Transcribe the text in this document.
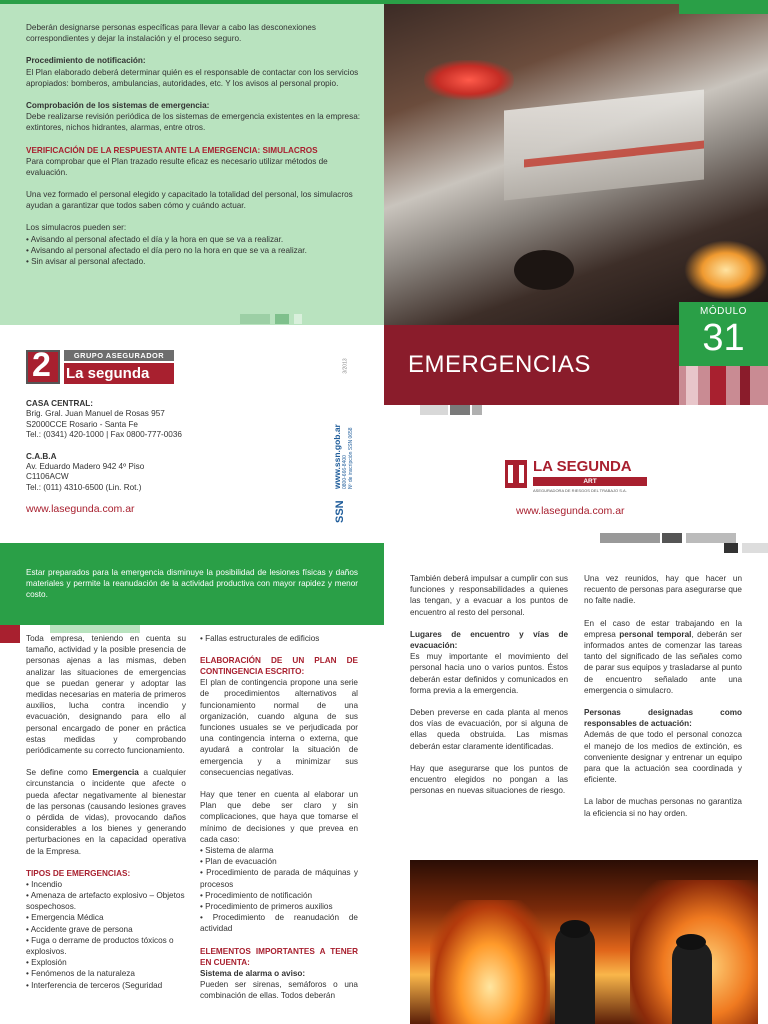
Deberán designarse personas específicas para llevar a cabo las desconexiones correspondientes y dejar la instalación y el proceso seguro.

Procedimiento de notificación:

El Plan elaborado deberá determinar quién es el responsable de contactar con los servicios apropiados: bomberos, ambulancias, autoridades, etc. Y los avisos al personal propio.

Comprobación de los sistemas de emergencia:

Debe realizarse revisión periódica de los sistemas de emergencia existentes en la empresa: extintores, nichos hidrantes, alarmas, entre otros.

VERIFICACIÓN DE LA RESPUESTA ANTE LA EMERGENCIA: SIMULACROS

Para comprobar que el Plan trazado resulte eficaz es necesario utilizar métodos de evaluación.

Una vez formado el personal elegido y capacitado la totalidad del personal, los simulacros ayudan a garantizar que todos saben cómo y cuándo actuar.

Los simulacros pueden ser:

• Avisando al personal afectado el día y la hora en que se va a realizar.
• Avisando al personal afectado el día pero no la hora en que se va a realizar.
• Sin avisar al personal afectado.
2	GRUPO ASEGURADOR
La segunda

CASA CENTRAL:

Brig. Gral. Juan Manuel de Rosas 957

S2000CCE Rosario - Santa Fe

Tel.: (0341) 420-1000 | Fax 0800-777-0036

C.A.B.A

Av. Eduardo Madero 942 4º Piso

C1106ACW

Tel.: (011) 4310-6500 (Lin. Rot.)

www.lasegunda.com.ar	SSN
www.ssn.gob.ar 0800-666-8400 Nº de inscripción SSN 0658
3/2013 EMERGENCIAS
MÓDULO
31
LA SEGUNDA
ART
ASEGURADORA DE RIESGOS DEL TRABAJO S.A.
www.lasegunda.com.ar

Estar preparados para la emergencia disminuye la posibilidad de lesiones físicas y daños materiales y permite la reanudación de la actividad productiva con mayor rapidez y menor costo.

Toda empresa, teniendo en cuenta su tamaño, actividad y la posible presencia de personas ajenas a las mismas, deben analizar las situaciones de emergencias que se puedan generar y adoptar las medidas necesarias en materia de primeros auxilios, lucha contra incendio y evacuación, designando para ello al personal encargado de poner en práctica estas medidas y comprobando periódicamente su correcto funcionamiento.

Se define como Emergencia a cualquier circunstancia o incidente que afecte o pueda afectar negativamente al bienestar de las personas (causando lesiones graves o pérdida de vidas), provocando daños considerables a los bienes y generando perturbaciones en la capacidad operativa de la Empresa.

TIPOS DE EMERGENCIAS:

• Incendio
• Amenaza de artefacto explosivo – Objetos sospechosos.
• Emergencia Médica
• Accidente grave de persona
• Fuga o derrame de productos tóxicos o explosivos.
• Explosión
• Fenómenos de la naturaleza
• Interferencia de terceros (Seguridad
• Fallas estructurales de edificios

ELABORACIÓN DE UN PLAN DE CONTINGENCIA ESCRITO:

El plan de contingencia propone una serie de procedimientos alternativos al funcionamiento normal de una organización, cuando alguna de sus funciones usuales se ve perjudicada por una contingencia interna o externa, que ayudará a controlar la situación de emergencia y a minimizar sus consecuencias negativas.

Hay que tener en cuenta al elaborar un Plan que debe ser claro y sin complicaciones, que haya que tomarse el mínimo de decisiones y que prevea en cada caso:

• Sistema de alarma
• Plan de evacuación
• Procedimiento de parada de máquinas y procesos
• Procedimiento de notificación
• Procedimiento de primeros auxilios
• Procedimiento de reanudación de actividad

ELEMENTOS IMPORTANTES A TENER EN CUENTA:

Sistema de alarma o aviso:

Pueden ser sirenas, semáforos o una combinación de ellas. Todos deberán

También deberá impulsar a cumplir con sus funciones y responsabilidades a quienes las tengan, y a evacuar a los puntos de encuentro al resto del personal.

Lugares de encuentro y vías de evacuación:

Es muy importante el movimiento del personal hacia uno o varios puntos. Éstos deberán estar definidos y comunicados en forma previa a la emergencia.

Deben preverse en cada planta al menos dos vías de evacuación, por si alguna de ellas queda obstruida. Las mismas deberán estar claramente identificadas.

Hay que asegurarse que los puntos de encuentro elegidos no pongan a las personas en nuevas situaciones de riesgo.

Una vez reunidos, hay que hacer un recuento de personas para asegurarse que no falte nadie.

En el caso de estar trabajando en la empresa personal temporal, deberán ser informados antes de comenzar las tareas tanto del significado de las señales como de parar sus equipos y trasladarse al punto de encuentro señalado ante una emergencia o simulacro.

Personas designadas como responsables de actuación:

Además de que todo el personal conozca el manejo de los medios de extinción, es conveniente designar y entrenar un equipo para que la actuación sea coordinada y eficiente.

La labor de muchas personas no garantiza la eficiencia si no hay orden.
